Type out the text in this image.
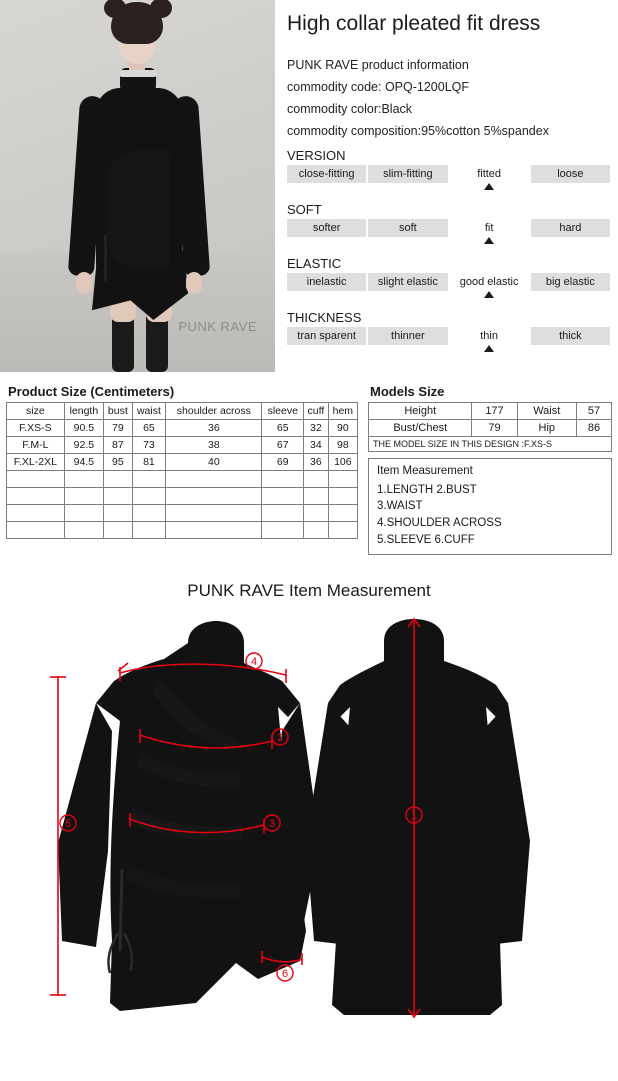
PUNK RAVE
High collar pleated fit dress
PUNK RAVE product information
commodity code: OPQ-1200LQF
commodity color:Black
commodity composition:95%cotton 5%spandex
VERSION
close-fitting	slim-fitting	fitted	loose
SOFT
softer	soft	fit	hard
ELASTIC
inelastic	slight elastic	good elastic	big elastic
THICKNESS
tran sparent	thinner	thin	thick
Product Size (Centimeters)
size	length	bust	waist	shoulder across	sleeve	cuff	hem
F.XS-S	90.5	79	65	36	65	32	90
F.M-L	92.5	87	73	38	67	34	98
F.XL-2XL	94.5	95	81	40	69	36	106

Models Size
Height	177	Waist	57
Bust/Chest	79	Hip	86
THE MODEL SIZE IN THIS DESIGN :F.XS-S
Item Measurement
1.LENGTH 2.BUST
3.WAIST
4.SHOULDER ACROSS
5.SLEEVE 6.CUFF
PUNK RAVE Item Measurement
1
2
3
4
5
6
